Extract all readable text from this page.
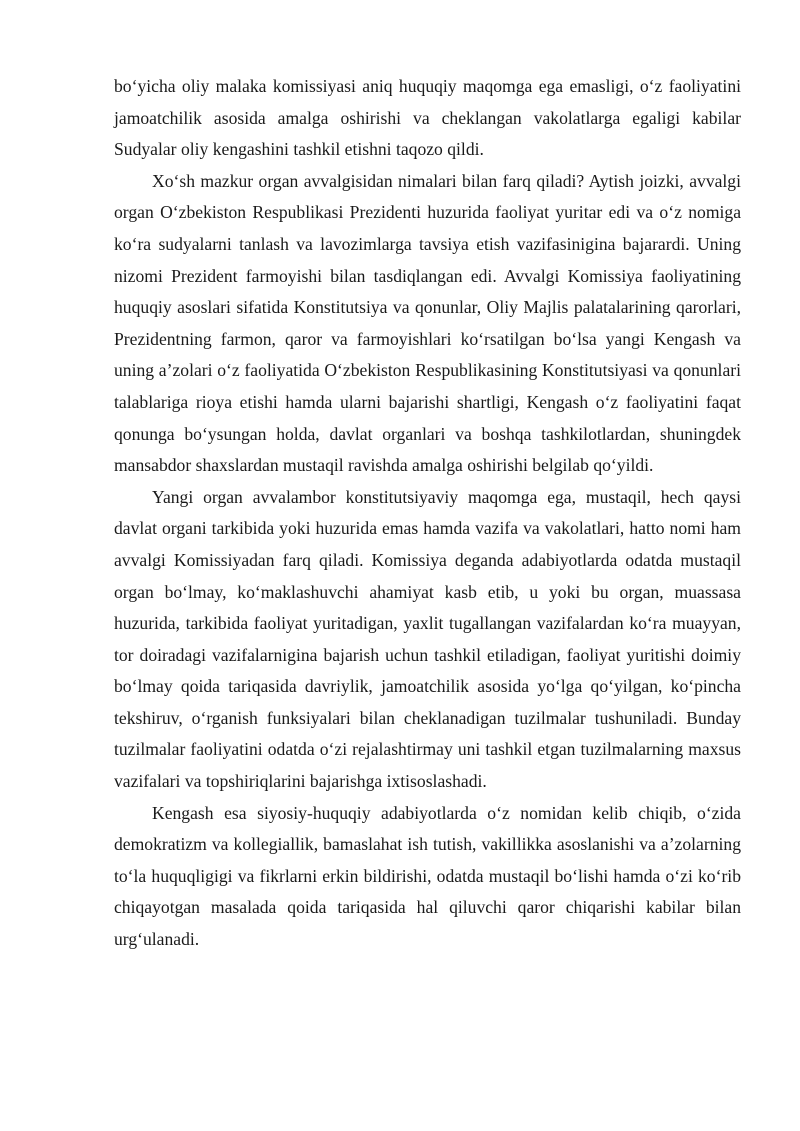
bo‘yicha oliy malaka komissiyasi aniq huquqiy maqomga ega emasligi, o‘z faoliyatini jamoatchilik asosida amalga oshirishi va cheklangan vakolatlarga egaligi kabilar Sudyalar oliy kengashini tashkil etishni taqozo qildi.

Xo‘sh mazkur organ avvalgisidan nimalari bilan farq qiladi? Aytish joizki, avvalgi organ O‘zbekiston Respublikasi Prezidenti huzurida faoliyat yuritar edi va o‘z nomiga ko‘ra sudyalarni tanlash va lavozimlarga tavsiya etish vazifasinigina bajarardi. Uning nizomi Prezident farmoyishi bilan tasdiqlangan edi. Avvalgi Komissiya faoliyatining huquqiy asoslari sifatida Konstitutsiya va qonunlar, Oliy Majlis palatalarining qarorlari, Prezidentning farmon, qaror va farmoyishlari ko‘rsatilgan bo‘lsa yangi Kengash va uning a’zolari o‘z faoliyatida O‘zbekiston Respublikasining Konstitutsiyasi va qonunlari talablariga rioya etishi hamda ularni bajarishi shartligi, Kengash o‘z faoliyatini faqat qonunga bo‘ysungan holda, davlat organlari va boshqa tashkilotlardan, shuningdek mansabdor shaxslardan mustaqil ravishda amalga oshirishi belgilab qo‘yildi.

Yangi organ avvalambor konstitutsiyaviy maqomga ega, mustaqil, hech qaysi davlat organi tarkibida yoki huzurida emas hamda vazifa va vakolatlari, hatto nomi ham avvalgi Komissiyadan farq qiladi. Komissiya deganda adabiyotlarda odatda mustaqil organ bo‘lmay, ko‘maklashuvchi ahamiyat kasb etib, u yoki bu organ, muassasa huzurida, tarkibida faoliyat yuritadigan, yaxlit tugallangan vazifalardan ko‘ra muayyan, tor doiradagi vazifalarnigina bajarish uchun tashkil etiladigan, faoliyat yuritishi doimiy bo‘lmay qoida tariqasida davriylik, jamoatchilik asosida yo‘lga qo‘yilgan, ko‘pincha tekshiruv, o‘rganish funksiyalari bilan cheklanadigan tuzilmalar tushuniladi. Bunday tuzilmalar faoliyatini odatda o‘zi rejalashtirmay uni tashkil etgan tuzilmalarning maxsus vazifalari va topshiriqlarini bajarishga ixtisoslashadi.

Kengash esa siyosiy-huquqiy adabiyotlarda o‘z nomidan kelib chiqib, o‘zida demokratizm va kollegiallik, bamaslahat ish tutish, vakillikka asoslanishi va a’zolarning to‘la huquqligigi va fikrlarni erkin bildirishi, odatda mustaqil bo‘lishi hamda o‘zi ko‘rib chiqayotgan masalada qoida tariqasida hal qiluvchi qaror chiqarishi kabilar bilan urg‘ulanadi.
